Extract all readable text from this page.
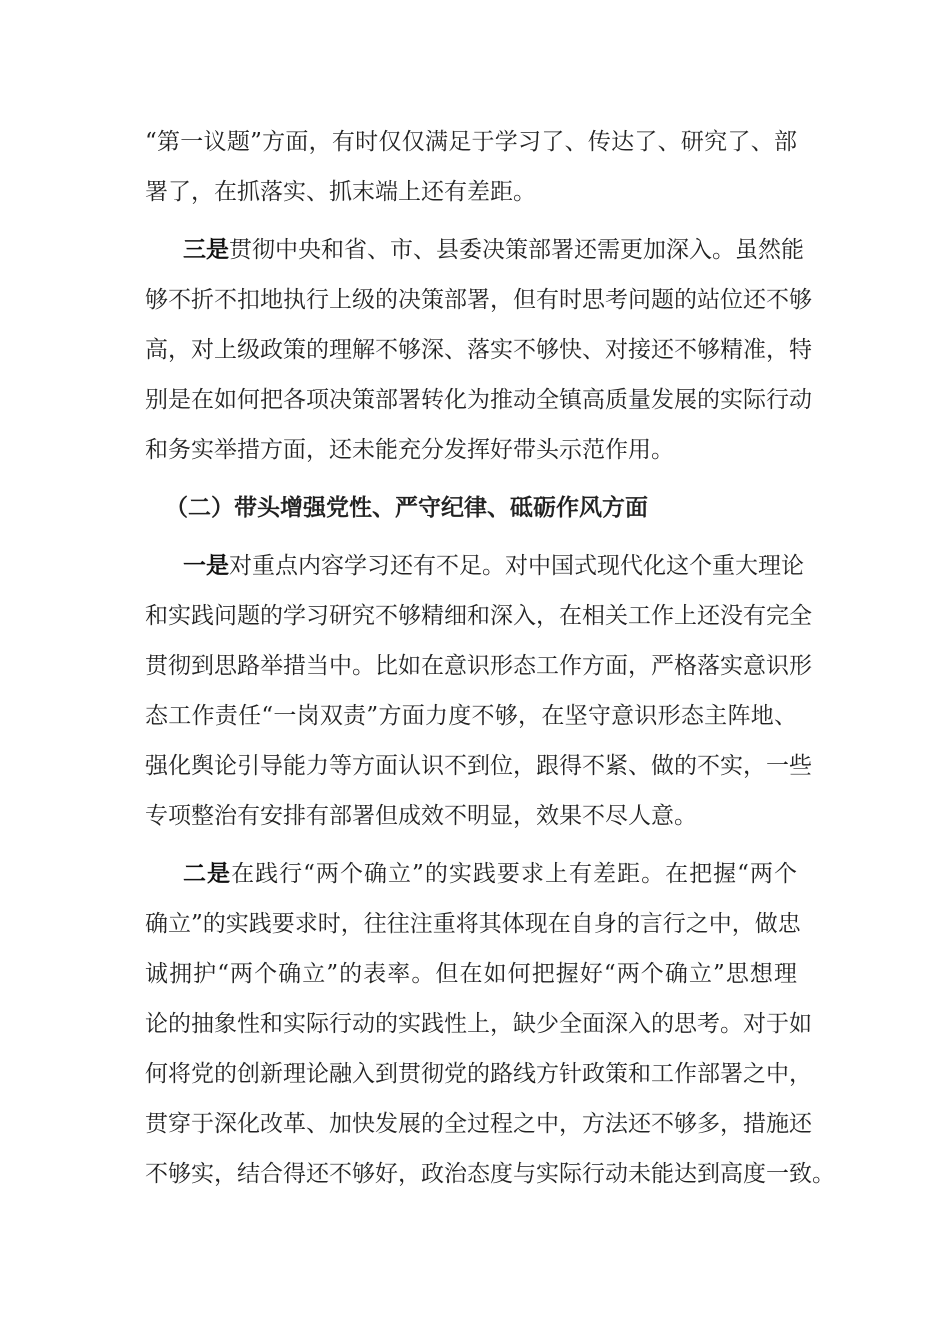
“第一议题”方面，有时仅仅满足于学习了、传达了、研究了、部
署了，在抓落实、抓末端上还有差距。
三是贯彻中央和省、市、县委决策部署还需更加深入。虽然能
够不折不扣地执行上级的决策部署，但有时思考问题的站位还不够
高，对上级政策的理解不够深、落实不够快、对接还不够精准，特
别是在如何把各项决策部署转化为推动全镇高质量发展的实际行动
和务实举措方面，还未能充分发挥好带头示范作用。
（二）带头增强党性、严守纪律、砥砺作风方面
一是对重点内容学习还有不足。对中国式现代化这个重大理论
和实践问题的学习研究不够精细和深入，在相关工作上还没有完全
贯彻到思路举措当中。比如在意识形态工作方面，严格落实意识形
态工作责任“一岗双责”方面力度不够，在坚守意识形态主阵地、
强化舆论引导能力等方面认识不到位，跟得不紧、做的不实，一些
专项整治有安排有部署但成效不明显，效果不尽人意。
二是在践行“两个确立”的实践要求上有差距。在把握“两个
确立”的实践要求时，往往注重将其体现在自身的言行之中，做忠
诚拥护“两个确立”的表率。但在如何把握好“两个确立”思想理
论的抽象性和实际行动的实践性上，缺少全面深入的思考。对于如
何将党的创新理论融入到贯彻党的路线方针政策和工作部署之中，
贯穿于深化改革、加快发展的全过程之中，方法还不够多，措施还
不够实，结合得还不够好，政治态度与实际行动未能达到高度一致。
